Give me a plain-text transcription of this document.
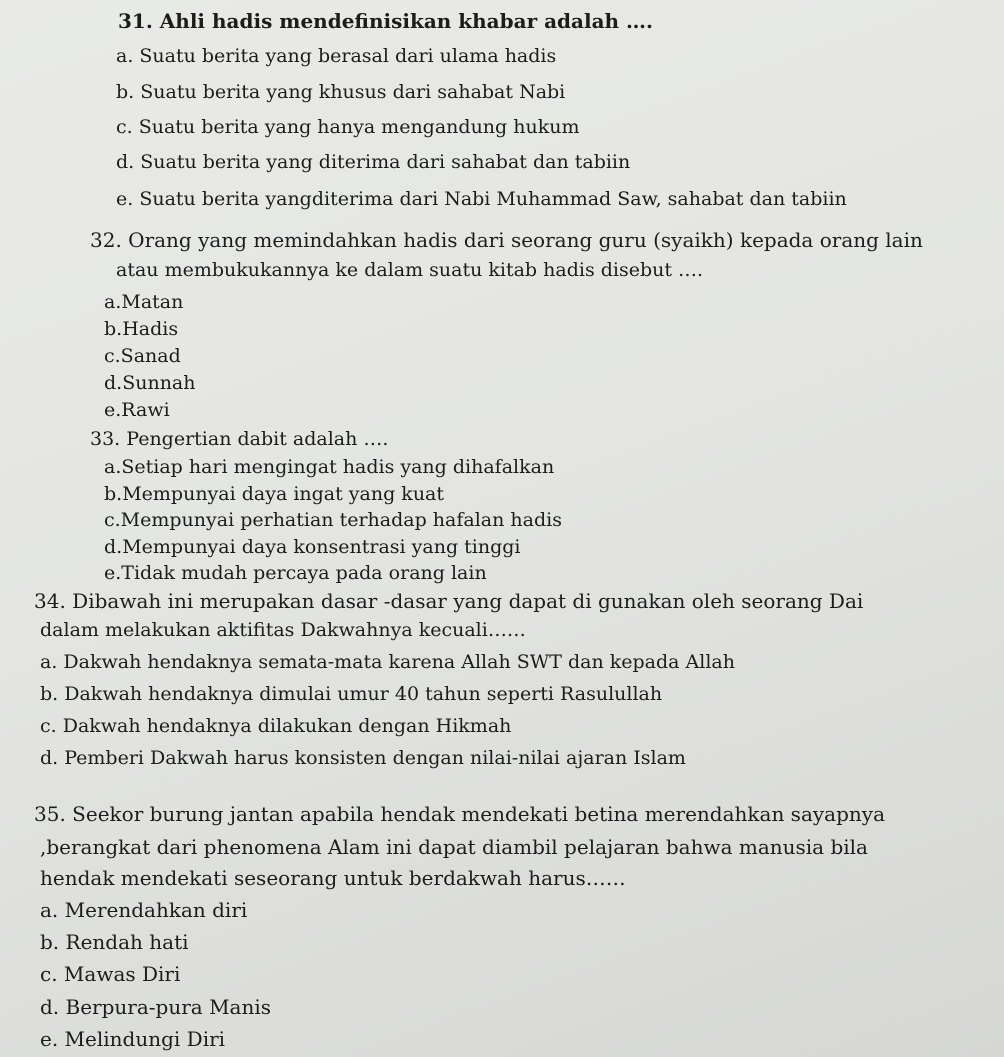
31. Ahli hadis mendefinisikan khabar adalah ….
a. Suatu berita yang berasal dari ulama hadis
b. Suatu berita yang khusus dari sahabat Nabi
c. Suatu berita yang hanya mengandung hukum
d. Suatu berita yang diterima dari sahabat dan tabiin
e. Suatu berita yangditerima dari Nabi Muhammad Saw, sahabat dan tabiin
32. Orang yang memindahkan hadis dari seorang guru (syaikh) kepada orang lain
atau membukukannya ke dalam suatu kitab hadis disebut ….
a.Matan
b.Hadis
c.Sanad
d.Sunnah
e.Rawi
33. Pengertian dabit adalah ….
a.Setiap hari mengingat hadis yang dihafalkan
b.Mempunyai daya ingat yang kuat
c.Mempunyai perhatian terhadap hafalan hadis
d.Mempunyai daya konsentrasi yang tinggi
e.Tidak mudah percaya pada orang lain
34. Dibawah ini merupakan dasar -dasar yang dapat di gunakan oleh seorang Dai
dalam melakukan aktifitas Dakwahnya kecuali……
a. Dakwah hendaknya semata-mata karena Allah SWT dan kepada Allah
b. Dakwah hendaknya dimulai umur 40 tahun seperti Rasulullah
c. Dakwah hendaknya dilakukan dengan Hikmah
d. Pemberi Dakwah harus konsisten dengan nilai-nilai ajaran Islam
35. Seekor burung jantan apabila hendak mendekati betina merendahkan sayapnya
,berangkat dari phenomena Alam ini dapat diambil pelajaran bahwa manusia bila
hendak mendekati seseorang untuk berdakwah harus……
a. Merendahkan diri
b. Rendah hati
c. Mawas Diri
d. Berpura-pura Manis
e. Melindungi Diri
